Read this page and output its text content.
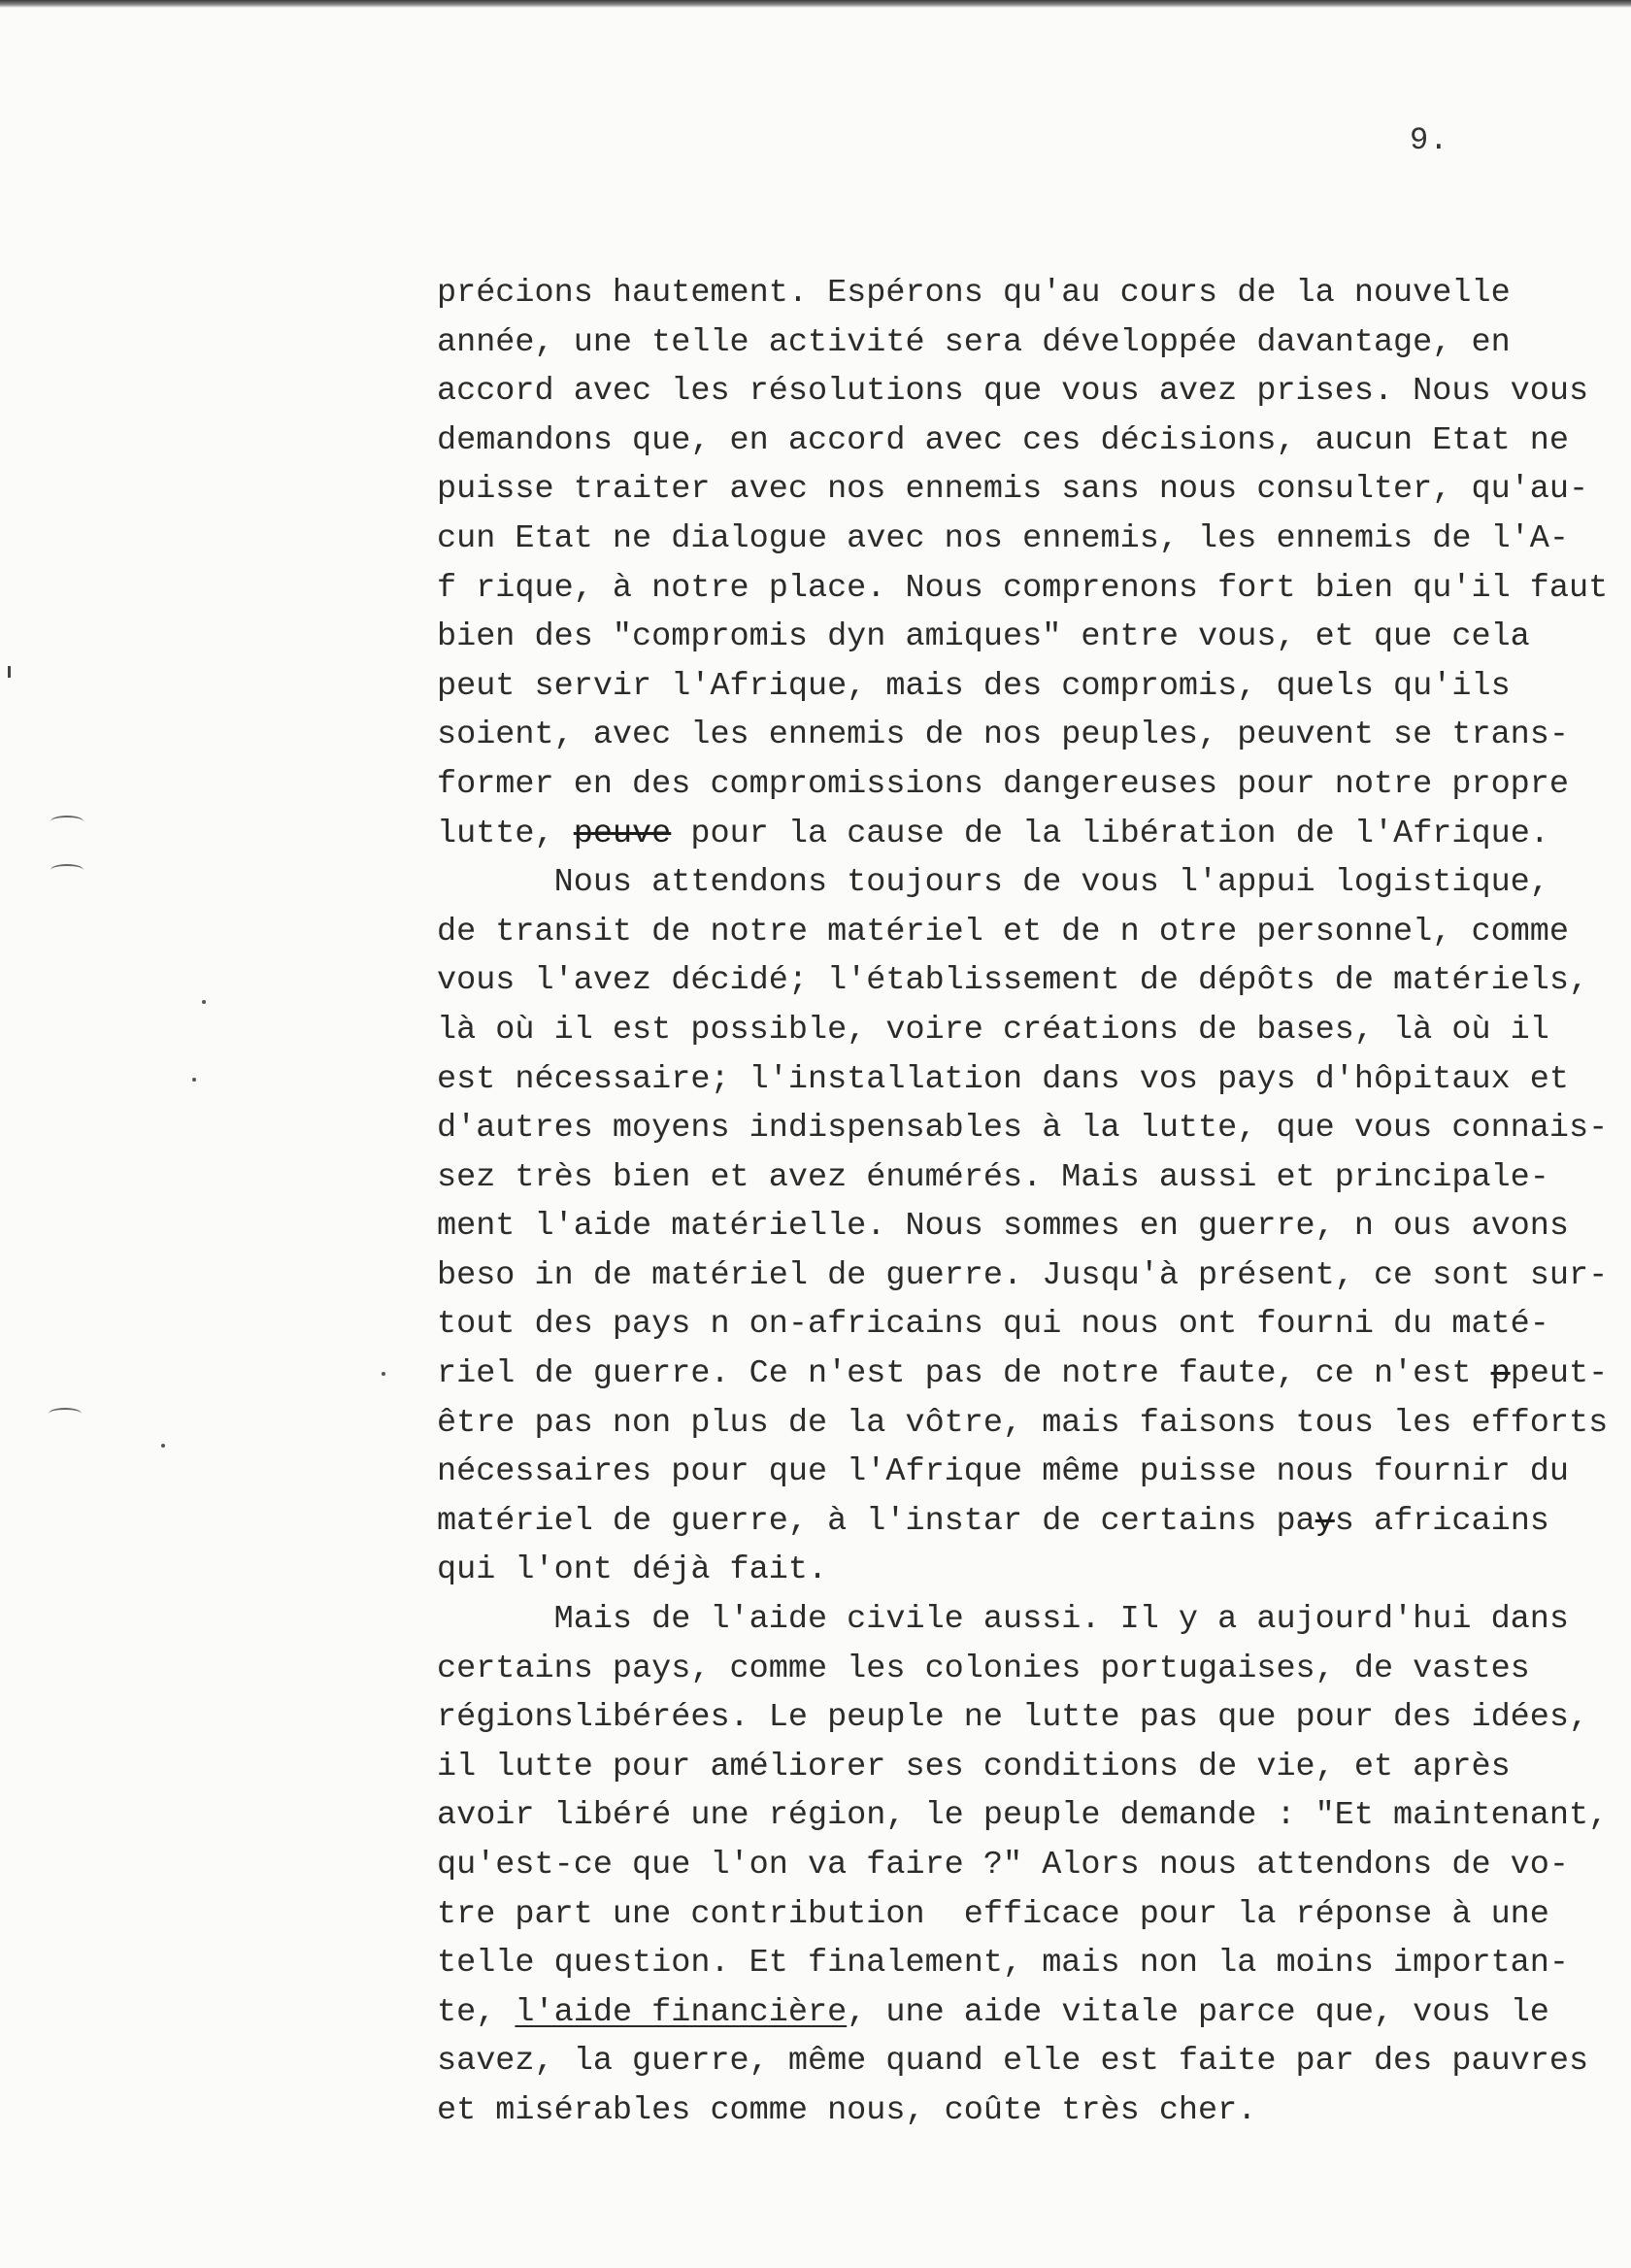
9.
précions hautement. Espérons qu'au cours de la nouvelle
année, une telle activité sera développée davantage, en
accord avec les résolutions que vous avez prises. Nous vous
demandons que, en accord avec ces décisions, aucun Etat ne
puisse traiter avec nos ennemis sans nous consulter, qu'au-
cun Etat ne dialogue avec nos ennemis, les ennemis de l'A-
f rique, à notre place. Nous comprenons fort bien qu'il faut
bien des "compromis dyn amiques" entre vous, et que cela
peut servir l'Afrique, mais des compromis, quels qu'ils
soient, avec les ennemis de nos peuples, peuvent se trans-
former en des compromissions dangereuses pour notre propre
lutte, peuve pour la cause de la libération de l'Afrique.
Nous attendons toujours de vous l'appui logistique,
de transit de notre matériel et de n otre personnel, comme
vous l'avez décidé; l'établissement de dépôts de matériels,
là où il est possible, voire créations de bases, là où il
est nécessaire; l'installation dans vos pays d'hôpitaux et
d'autres moyens indispensables à la lutte, que vous connais-
sez très bien et avez énumérés. Mais aussi et principale-
ment l'aide matérielle. Nous sommes en guerre, n ous avons
beso in de matériel de guerre. Jusqu'à présent, ce sont sur-
tout des pays n on-africains qui nous ont fourni du maté-
riel de guerre. Ce n'est pas de notre faute, ce n'est ppeut-
être pas non plus de la vôtre, mais faisons tous les efforts
nécessaires pour que l'Afrique même puisse nous fournir du
matériel de guerre, à l'instar de certains pays africains
qui l'ont déjà fait.
Mais de l'aide civile aussi. Il y a aujourd'hui dans
certains pays, comme les colonies portugaises, de vastes
régionslibérées. Le peuple ne lutte pas que pour des idées,
il lutte pour améliorer ses conditions de vie, et après
avoir libéré une région, le peuple demande : "Et maintenant,
qu'est-ce que l'on va faire ?" Alors nous attendons de vo-
tre part une contribution  efficace pour la réponse à une
telle question. Et finalement, mais non la moins importan-
te, l'aide financière, une aide vitale parce que, vous le
savez, la guerre, même quand elle est faite par des pauvres
et misérables comme nous, coûte très cher.
